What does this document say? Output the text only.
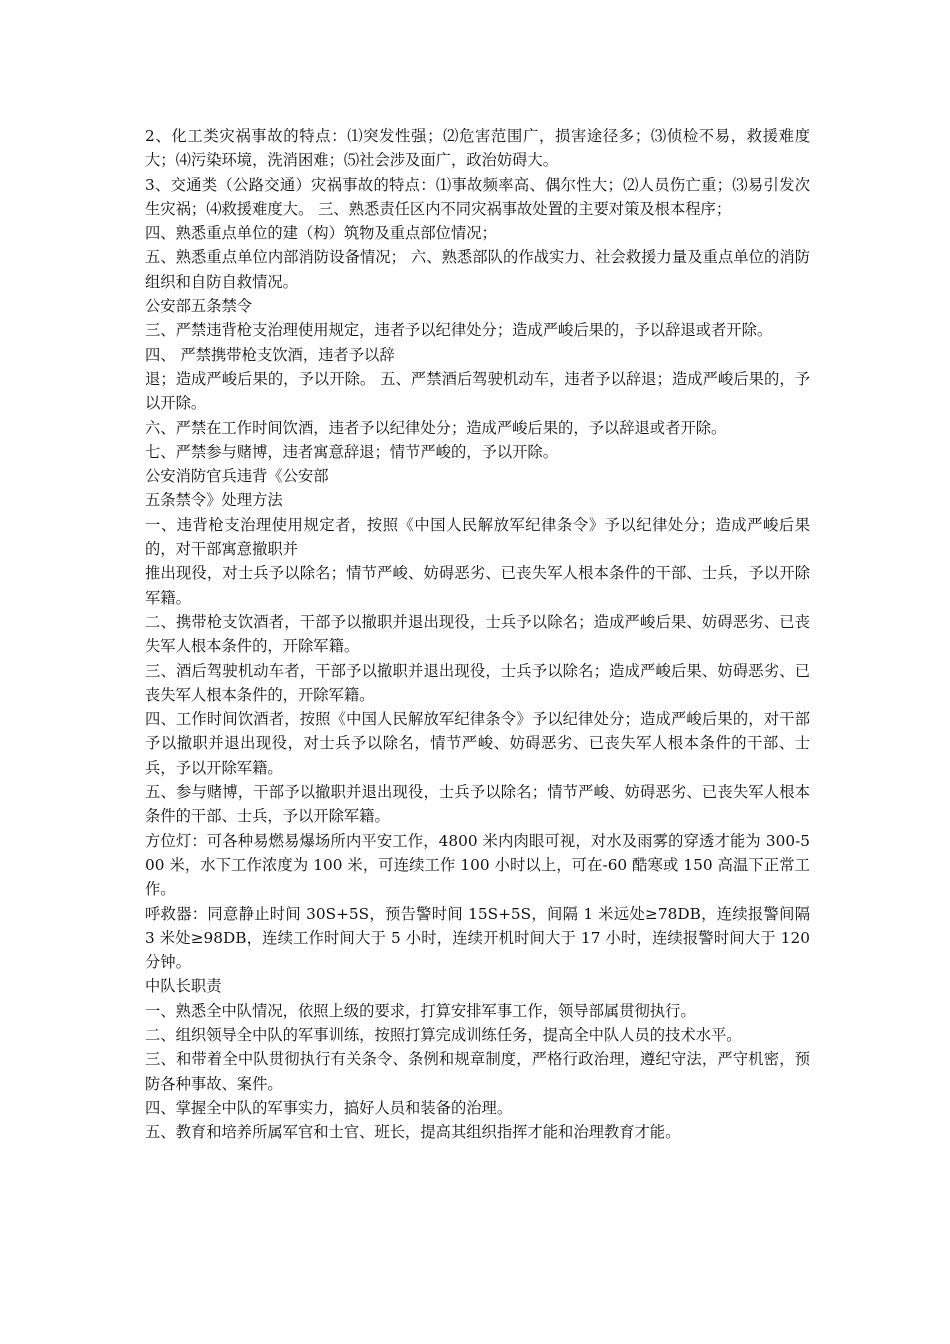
2、化工类灾祸事故的特点：⑴突发性强；⑵危害范围广，损害途径多；⑶侦检不易，救援难度大；⑷污染环境，洗消困难；⑸社会涉及面广，政治妨碍大。

3、交通类（公路交通）灾祸事故的特点：⑴事故频率高、偶尔性大；⑵人员伤亡重；⑶易引发次生灾祸；⑷救援难度大。 三、熟悉责任区内不同灾祸事故处置的主要对策及根本程序；

四、熟悉重点单位的建（构）筑物及重点部位情况；

五、熟悉重点单位内部消防设备情况； 六、熟悉部队的作战实力、社会救援力量及重点单位的消防组织和自防自救情况。

公安部五条禁令

三、严禁违背枪支治理使用规定，违者予以纪律处分；造成严峻后果的，予以辞退或者开除。

四、 严禁携带枪支饮酒，违者予以辞

退；造成严峻后果的，予以开除。 五、严禁酒后驾驶机动车，违者予以辞退；造成严峻后果的，予以开除。

六、严禁在工作时间饮酒，违者予以纪律处分；造成严峻后果的，予以辞退或者开除。

七、严禁参与赌博，违者寓意辞退；情节严峻的，予以开除。

公安消防官兵违背《公安部

五条禁令》处理方法

一、违背枪支治理使用规定者，按照《中国人民解放军纪律条令》予以纪律处分；造成严峻后果的，对干部寓意撤职并

推出现役，对士兵予以除名；情节严峻、妨碍恶劣、已丧失军人根本条件的干部、士兵，予以开除军籍。

二、携带枪支饮酒者，干部予以撤职并退出现役，士兵予以除名；造成严峻后果、妨碍恶劣、已丧失军人根本条件的，开除军籍。

三、酒后驾驶机动车者，干部予以撤职并退出现役，士兵予以除名；造成严峻后果、妨碍恶劣、已丧失军人根本条件的，开除军籍。

四、工作时间饮酒者，按照《中国人民解放军纪律条令》予以纪律处分；造成严峻后果的，对干部予以撤职并退出现役，对士兵予以除名，情节严峻、妨碍恶劣、已丧失军人根本条件的干部、士兵，予以开除军籍。

五、参与赌博，干部予以撤职并退出现役，士兵予以除名；情节严峻、妨碍恶劣、已丧失军人根本条件的干部、士兵，予以开除军籍。

方位灯：可各种易燃易爆场所内平安工作，4800 米内肉眼可视，对水及雨雾的穿透才能为 300-500 米，水下工作浓度为 100 米，可连续工作 100 小时以上，可在-60 酷寒或 150 高温下正常工作。

呼救器：同意静止时间 30S+5S，预告警时间 15S+5S，间隔 1 米远处≥78DB，连续报警间隔 3 米处≥98DB，连续工作时间大于 5 小时，连续开机时间大于 17 小时，连续报警时间大于 120 分钟。

中队长职责

一、熟悉全中队情况，依照上级的要求，打算安排军事工作，领导部属贯彻执行。

二、组织领导全中队的军事训练，按照打算完成训练任务，提高全中队人员的技术水平。

三、和带着全中队贯彻执行有关条令、条例和规章制度，严格行政治理，遵纪守法，严守机密，预防各种事故、案件。

四、掌握全中队的军事实力，搞好人员和装备的治理。

五、教育和培养所属军官和士官、班长，提高其组织指挥才能和治理教育才能。
